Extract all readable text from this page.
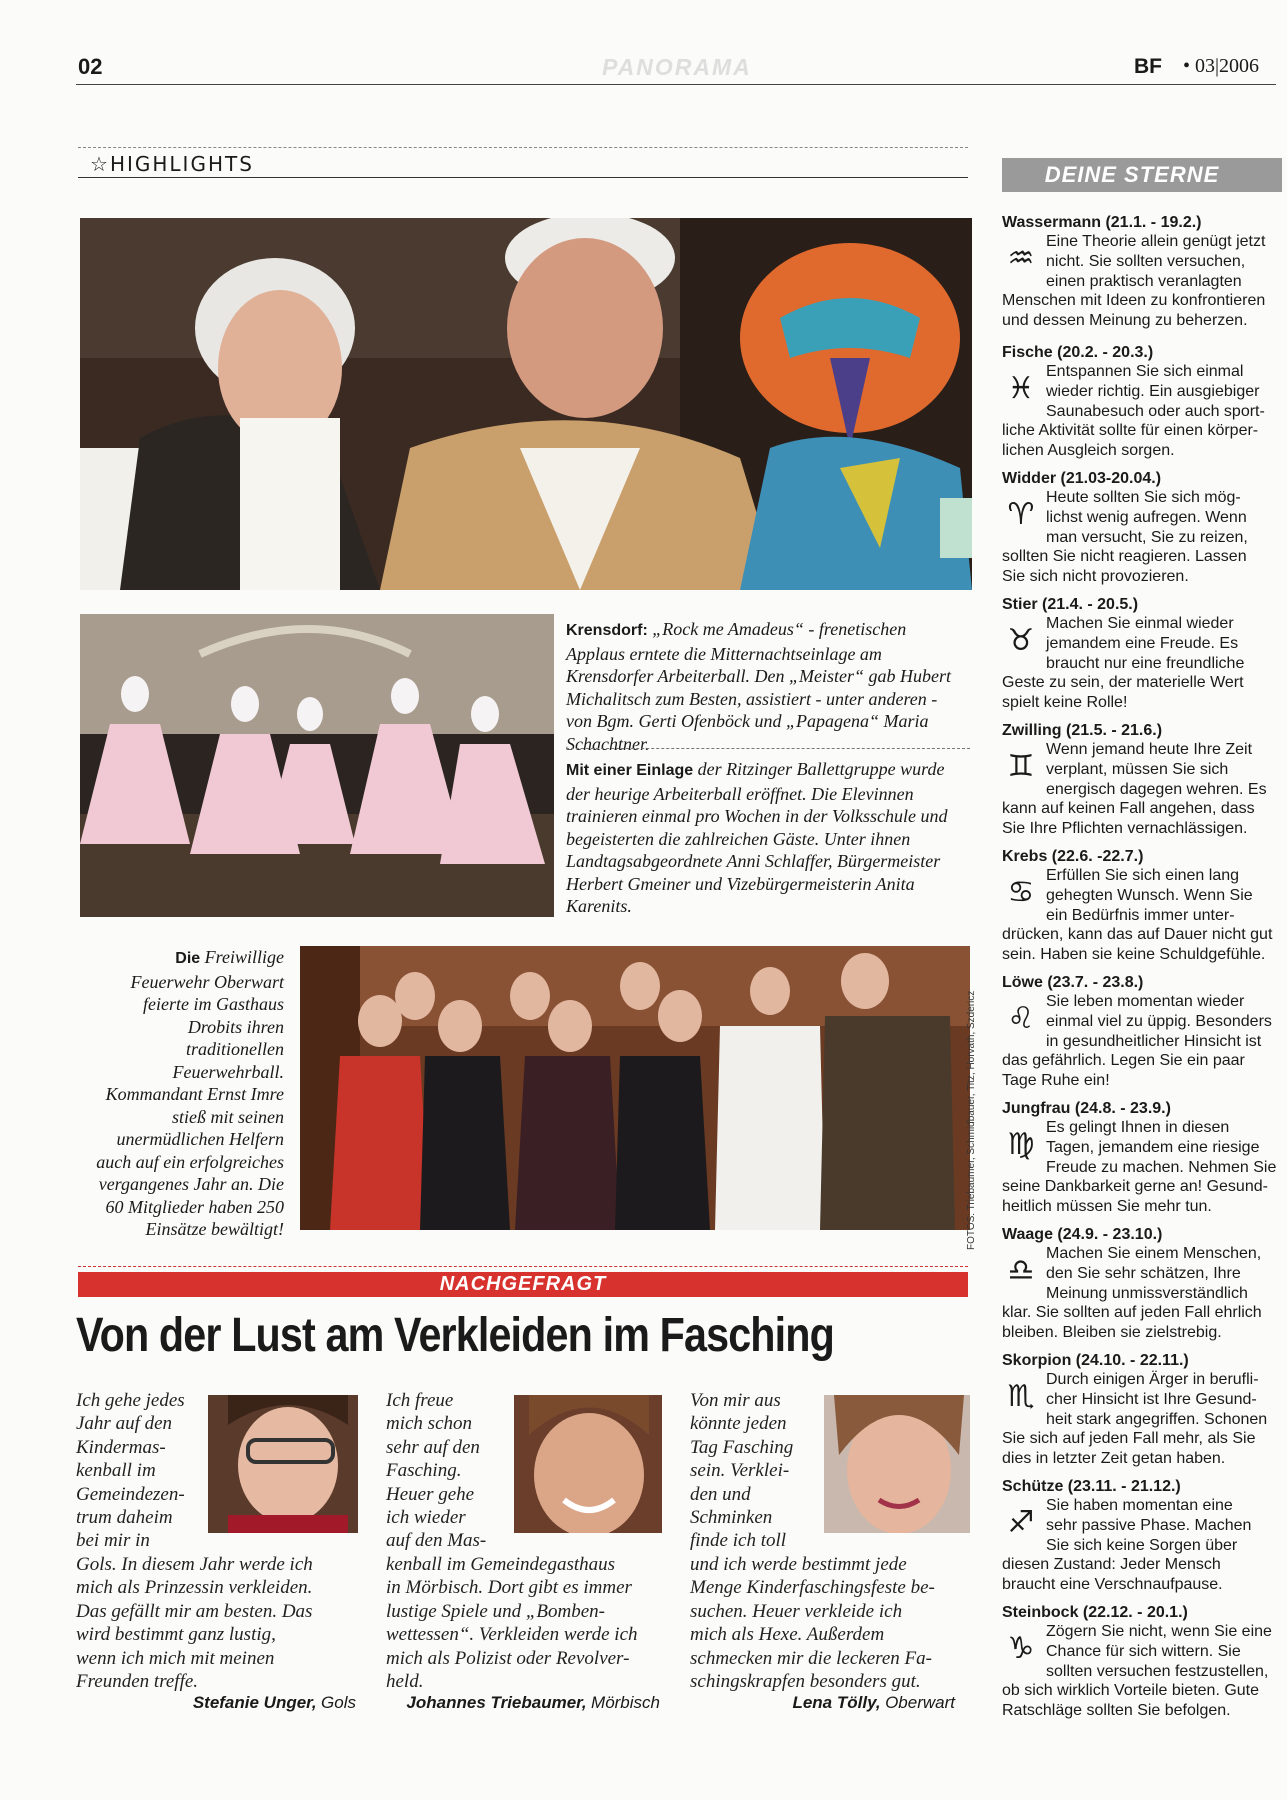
02	PANORAMA	BF • 03|2006
☆HIGHLIGHTS

Krensdorf: „Rock me Amadeus“ - frenetischen Applaus erntete die Mitternachtseinlage am Krensdorfer Arbeiterball. Den „Meister“ gab Hubert Michalitsch zum Besten, assistiert - unter anderen - von Bgm. Gerti Ofenböck und „Papagena“ Maria Schachtner.

Mit einer Einlage der Ritzinger Ballettgruppe wurde der heurige Arbeiterball eröffnet. Die Elevinnen trainieren einmal pro Wochen in der Volksschule und begeisterten die zahlreichen Gäste. Unter ihnen Landtagsabgeordnete Anni Schlaffer, Bürgermeister Herbert Gmeiner und Vizebürgermeisterin Anita Karenits.

Die Freiwillige Feuerwehr Oberwart feierte im Gasthaus Drobits ihren traditionellen Feuerwehrball. Kommandant Ernst Imre stieß mit seinen unermüdlichen Helfern auch auf ein erfolgreiches vergangenes Jahr an. Die 60 Mitglieder haben 250 Einsätze bewältigt!	FOTOS: Triebaumer, Schmidbauer, Titz, Horvath, Szdericz
NACHGEFRAGT
Von der Lust am Verkleiden im Fasching
Ich gehe jedes
Jahr auf den
Kindermas-
kenball im
Gemeindezen-
trum daheim
bei mir in
Gols. In diesem Jahr werde ich
mich als Prinzessin verkleiden.
Das gefällt mir am besten. Das
wird bestimmt ganz lustig,
wenn ich mich mit meinen
Freunden treffe.
Stefanie Unger, Gols
Ich freue
mich schon
sehr auf den
Fasching.
Heuer gehe
ich wieder
auf den Mas-
kenball im Gemeindegasthaus
in Mörbisch. Dort gibt es immer
lustige Spiele und „Bomben-
wettessen“. Verkleiden werde ich
mich als Polizist oder Revolver-
held.
Johannes Triebaumer, Mörbisch
Von mir aus
könnte jeden
Tag Fasching
sein. Verklei-
den und
Schminken
finde ich toll
und ich werde bestimmt jede
Menge Kinderfaschingsfeste be-
suchen. Heuer verkleide ich
mich als Hexe. Außerdem
schmecken mir die leckeren Fa-
schingskrapfen besonders gut.
Lena Tölly, Oberwart
DEINE STERNE
Wassermann (21.1. - 19.2.)
♒ Eine Theorie allein genügt jetzt
nicht. Sie sollten versuchen,
einen praktisch veranlagten
Menschen mit Ideen zu konfrontieren
und dessen Meinung zu beherzen.
Fische (20.2. - 20.3.)
♓ Entspannen Sie sich einmal
wieder richtig. Ein ausgiebiger
Saunabesuch oder auch sport-
liche Aktivität sollte für einen körper-
lichen Ausgleich sorgen.
Widder (21.03-20.04.)
♈ Heute sollten Sie sich mög-
lichst wenig aufregen. Wenn
man versucht, Sie zu reizen,
sollten Sie nicht reagieren. Lassen
Sie sich nicht provozieren.
Stier (21.4. - 20.5.)
♉ Machen Sie einmal wieder
jemandem eine Freude. Es
braucht nur eine freundliche
Geste zu sein, der materielle Wert
spielt keine Rolle!
Zwilling (21.5. - 21.6.)
♊ Wenn jemand heute Ihre Zeit
verplant, müssen Sie sich
energisch dagegen wehren. Es
kann auf keinen Fall angehen, dass
Sie Ihre Pflichten vernachlässigen.
Krebs (22.6. -22.7.)
♋ Erfüllen Sie sich einen lang
gehegten Wunsch. Wenn Sie
ein Bedürfnis immer unter-
drücken, kann das auf Dauer nicht gut
sein. Haben sie keine Schuldgefühle.
Löwe (23.7. - 23.8.)
♌ Sie leben momentan wieder
einmal viel zu üppig. Besonders
in gesundheitlicher Hinsicht ist
das gefährlich. Legen Sie ein paar
Tage Ruhe ein!
Jungfrau (24.8. - 23.9.)
♍ Es gelingt Ihnen in diesen
Tagen, jemandem eine riesige
Freude zu machen. Nehmen Sie
seine Dankbarkeit gerne an! Gesund-
heitlich müssen Sie mehr tun.
Waage (24.9. - 23.10.)
♎ Machen Sie einem Menschen,
den Sie sehr schätzen, Ihre
Meinung unmissverständlich
klar. Sie sollten auf jeden Fall ehrlich
bleiben. Bleiben sie zielstrebig.
Skorpion (24.10. - 22.11.)
♏ Durch einigen Ärger in berufli-
cher Hinsicht ist Ihre Gesund-
heit stark angegriffen. Schonen
Sie sich auf jeden Fall mehr, als Sie
dies in letzter Zeit getan haben.
Schütze (23.11. - 21.12.)
♐ Sie haben momentan eine
sehr passive Phase. Machen
Sie sich keine Sorgen über
diesen Zustand: Jeder Mensch
braucht eine Verschnaufpause.
Steinbock (22.12. - 20.1.)
♑ Zögern Sie nicht, wenn Sie eine
Chance für sich wittern. Sie
sollten versuchen festzustellen,
ob sich wirklich Vorteile bieten. Gute
Ratschläge sollten Sie befolgen.
